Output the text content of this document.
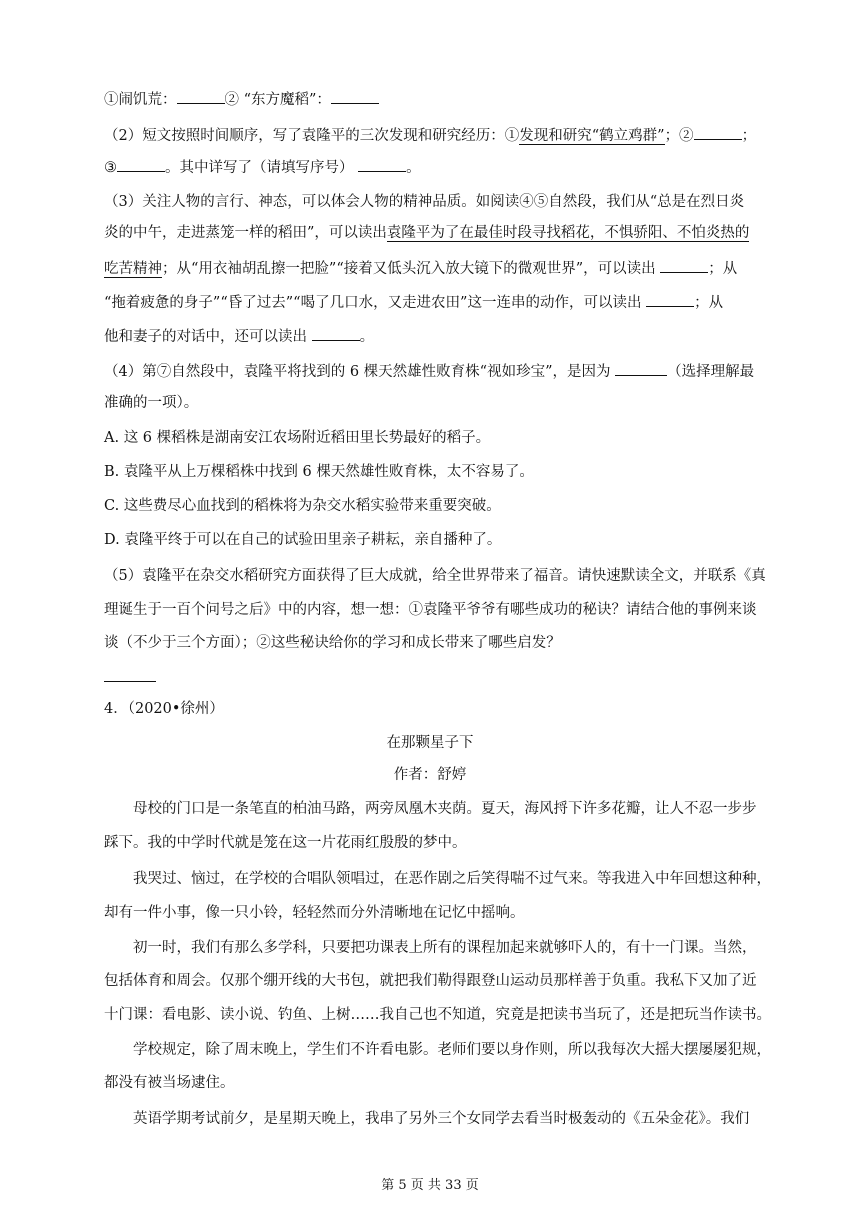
①闹饥荒：	② “东方魔稻”：
（2）短文按照时间顺序，写了袁隆平的三次发现和研究经历：①发现和研究“鹤立鸡群”；②	；
③	。其中详写了（请填写序号）	。
（3）关注人物的言行、神态，可以体会人物的精神品质。如阅读④⑤自然段，我们从“总是在烈日炎
炎的中午，走进蒸笼一样的稻田”，可以读出袁隆平为了在最佳时段寻找稻花，不惧骄阳、不怕炎热的
吃苦精神；从“用衣袖胡乱擦一把脸”“接着又低头沉入放大镜下的微观世界”，可以读出	；从
“拖着疲惫的身子”“昏了过去”“喝了几口水，又走进农田”这一连串的动作，可以读出	；从
他和妻子的对话中，还可以读出	。
（4）第⑦自然段中，袁隆平将找到的 6 棵天然雄性败育株“视如珍宝”，是因为	（选择理解最
准确的一项）。
A. 这 6 棵稻株是湖南安江农场附近稻田里长势最好的稻子。
B. 袁隆平从上万棵稻株中找到 6 棵天然雄性败育株，太不容易了。
C. 这些费尽心血找到的稻株将为杂交水稻实验带来重要突破。
D. 袁隆平终于可以在自己的试验田里亲子耕耘，亲自播种了。
（5）袁隆平在杂交水稻研究方面获得了巨大成就，给全世界带来了福音。请快速默读全文，并联系《真
理诞生于一百个问号之后》中的内容，想一想：①袁隆平爷爷有哪些成功的秘诀？请结合他的事例来谈
谈（不少于三个方面）；②这些秘诀给你的学习和成长带来了哪些启发？
4．（2020•徐州）
在那颗星子下
作者：舒婷
母校的门口是一条笔直的柏油马路，两旁凤凰木夹荫。夏天，海风捋下许多花瓣，让人不忍一步步
踩下。我的中学时代就是笼在这一片花雨红殷殷的梦中。
我哭过、恼过，在学校的合唱队领唱过，在恶作剧之后笑得喘不过气来。等我进入中年回想这种种，
却有一件小事，像一只小铃，轻轻然而分外清晰地在记忆中摇响。
初一时，我们有那么多学科，只要把功课表上所有的课程加起来就够吓人的，有十一门课。当然，
包括体育和周会。仅那个绷开线的大书包，就把我们勒得跟登山运动员那样善于负重。我私下又加了近
十门课：看电影、读小说、钓鱼、上树……我自己也不知道，究竟是把读书当玩了，还是把玩当作读书。
学校规定，除了周末晚上，学生们不许看电影。老师们要以身作则，所以我每次大摇大摆屡屡犯规，
都没有被当场逮住。
英语学期考试前夕，是星期天晚上，我串了另外三个女同学去看当时极轰动的《五朵金花》。我们
第 5 页 共 33 页
